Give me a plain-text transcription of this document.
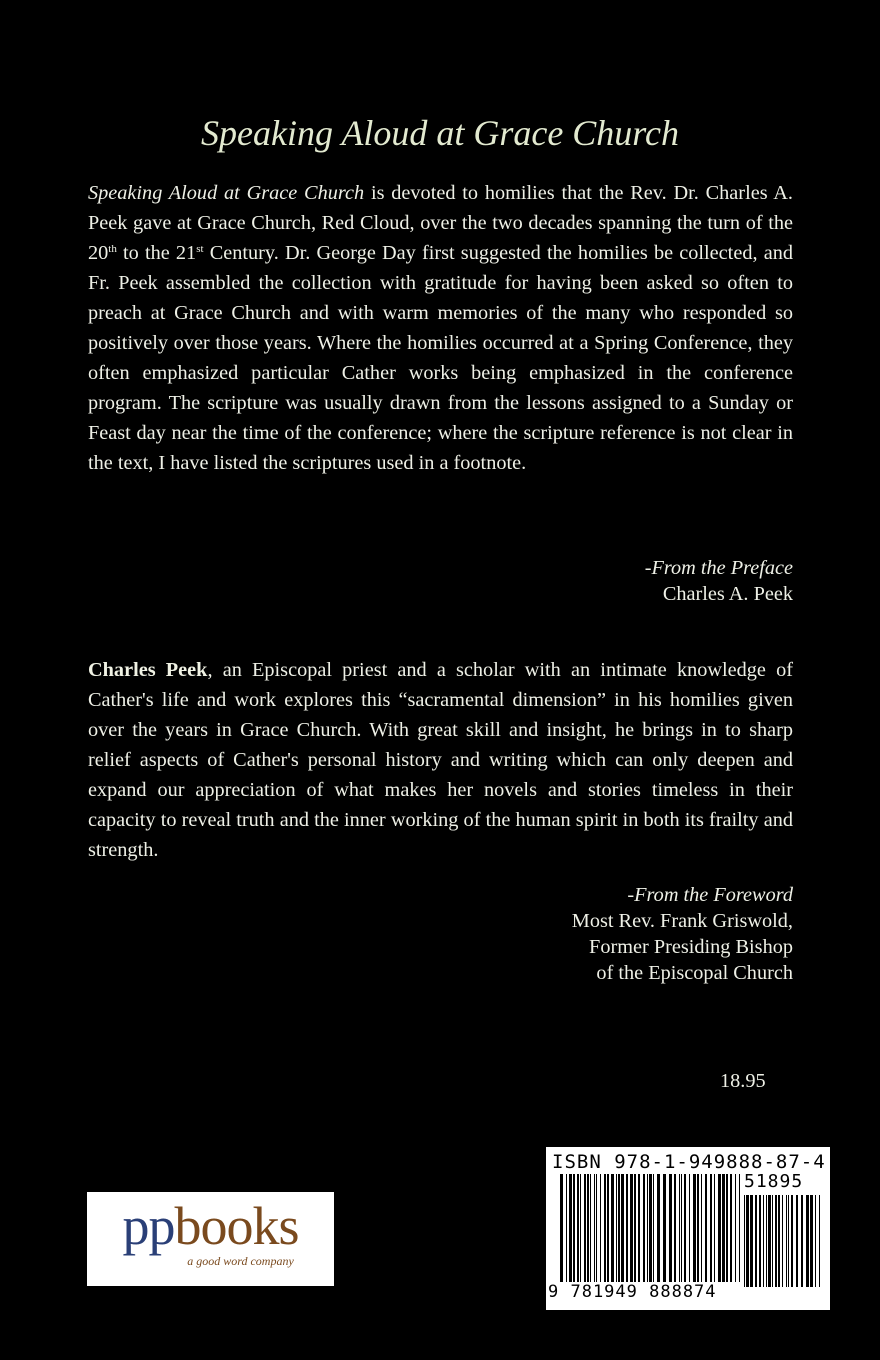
Speaking Aloud at Grace Church

Speaking Aloud at Grace Church is devoted to homilies that the Rev. Dr. Charles A. Peek gave at Grace Church, Red Cloud, over the two decades spanning the turn of the 20th to the 21st Century. Dr. George Day first suggested the homilies be collected, and Fr. Peek assembled the collection with gratitude for having been asked so often to preach at Grace Church and with warm memories of the many who responded so positively over those years. Where the homilies occurred at a Spring Conference, they often emphasized particular Cather works being emphasized in the conference program. The scripture was usually drawn from the lessons assigned to a Sunday or Feast day near the time of the conference; where the scripture reference is not clear in the text, I have listed the scriptures used in a footnote.

-From the Preface
Charles A. Peek

Charles Peek, an Episcopal priest and a scholar with an intimate knowledge of Cather's life and work explores this “sacramental dimension” in his homilies given over the years in Grace Church. With great skill and insight, he brings in to sharp relief aspects of Cather's personal history and writing which can only deepen and expand our appreciation of what makes her novels and stories timeless in their capacity to reveal truth and the inner working of the human spirit in both its frailty and strength.

-From the Foreword
Most Rev. Frank Griswold,
Former Presiding Bishop
of the Episcopal Church

18.95
ppbooks
a good word company
ISBN 978-1-949888-87-4
51895
9 781949 888874
